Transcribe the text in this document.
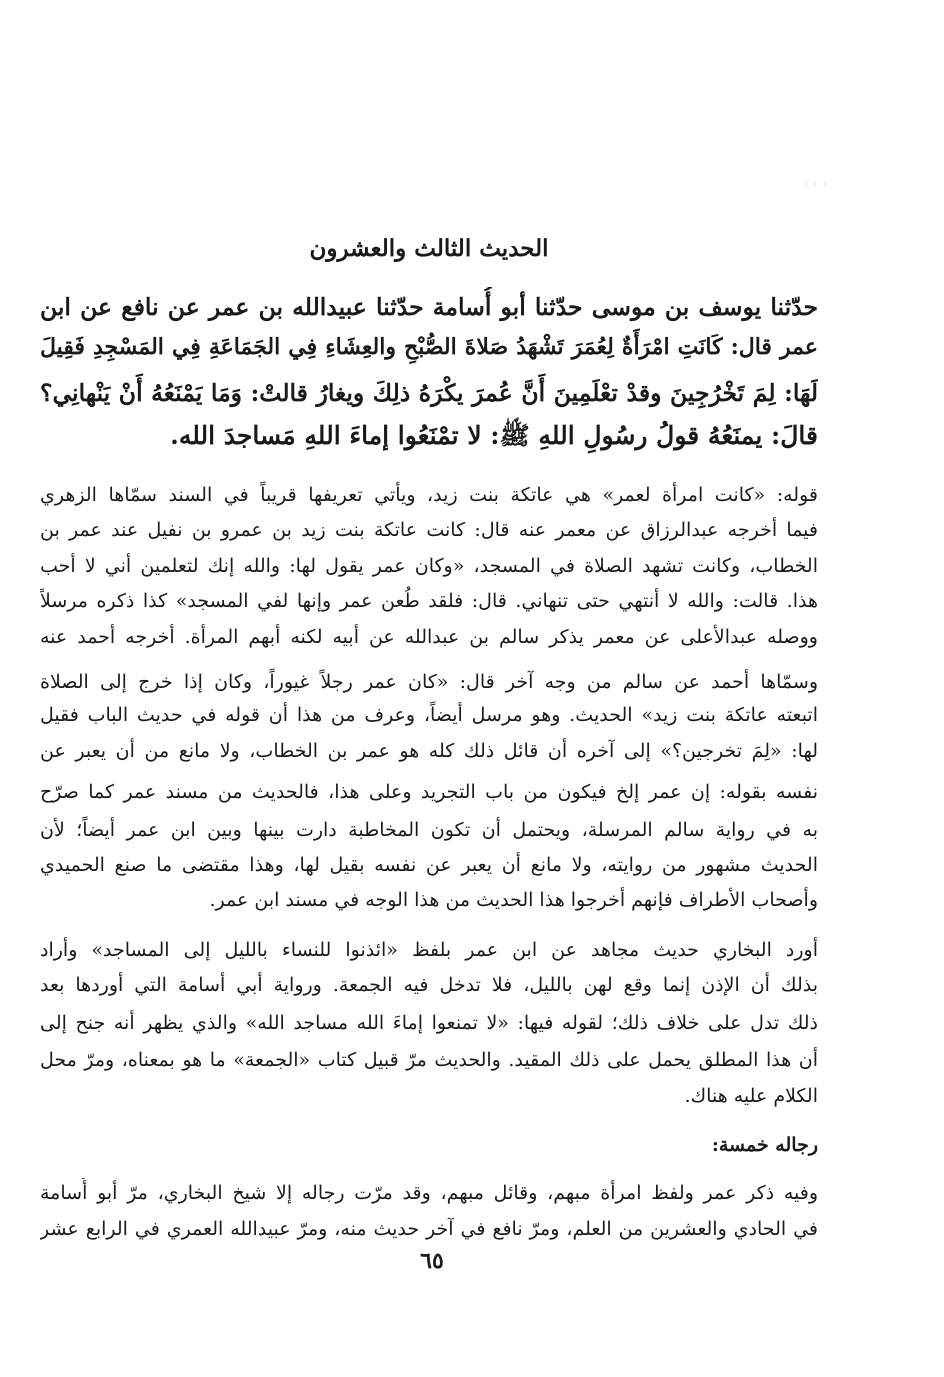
· · ·
الحديث الثالث والعشرون
حدّثنا يوسف بن موسى حدّثنا أبو أُسامة حدّثنا عبيدالله بن عمر عن نافع عن ابن
عمر قال: كَانَتِ امْرَأَةٌ لِعُمَرَ تَشْهَدُ صَلاةَ الصُّبْحِ والعِشَاءِ فِي الجَمَاعَةِ فِي المَسْجِدِ فَقِيلَ
لَهَا: لِمَ تَخْرُجِينَ وقدْ تعْلَمِينَ أَنَّ عُمرَ يكْرَهُ ذلِكَ ويغارُ قالتْ: وَمَا يَمْنَعُهُ أَنْ يَنْهانِي؟
قالَ: يمنَعُهُ قولُ رسُولِ اللهِ ﷺ: لا تمْنَعُوا إماءَ اللهِ مَساجدَ الله.
قوله: «كانت امرأة لعمر» هي عاتكة بنت زيد، ويأتي تعريفها قريباً في السند سمّاها الزهري
فيما أخرجه عبدالرزاق عن معمر عنه قال: كانت عاتكة بنت زيد بن عمرو بن نفيل عند عمر بن
الخطاب، وكانت تشهد الصلاة في المسجد، «وكان عمر يقول لها: والله إنك لتعلمين أني لا أحب
هذا. قالت: والله لا أنتهي حتى تنهاني. قال: فلقد طُعن عمر وإنها لفي المسجد» كذا ذكره مرسلاً
ووصله عبدالأعلى عن معمر يذكر سالم بن عبدالله عن أبيه لكنه أبهم المرأة. أخرجه أحمد عنه
وسمّاها أحمد عن سالم من وجه آخر قال: «كان عمر رجلاً غيوراً، وكان إذا خرج إلى الصلاة
اتبعته عاتكة بنت زيد» الحديث. وهو مرسل أيضاً، وعرف من هذا أن قوله في حديث الباب فقيل
لها: «لِمَ تخرجين؟» إلى آخره أن قائل ذلك كله هو عمر بن الخطاب، ولا مانع من أن يعبر عن
نفسه بقوله: إن عمر إلخ فيكون من باب التجريد وعلى هذا، فالحديث من مسند عمر كما صرّح
به في رواية سالم المرسلة، ويحتمل أن تكون المخاطبة دارت بينها وبين ابن عمر أيضاً؛ لأن
الحديث مشهور من روايته، ولا مانع أن يعبر عن نفسه بقيل لها، وهذا مقتضى ما صنع الحميدي
وأصحاب الأطراف فإنهم أخرجوا هذا الحديث من هذا الوجه في مسند ابن عمر.
أورد البخاري حديث مجاهد عن ابن عمر بلفظ «ائذنوا للنساء بالليل إلى المساجد» وأراد
بذلك أن الإذن إنما وقع لهن بالليل، فلا تدخل فيه الجمعة. ورواية أبي أسامة التي أوردها بعد
ذلك تدل على خلاف ذلك؛ لقوله فيها: «لا تمنعوا إماءَ الله مساجد الله» والذي يظهر أنه جنح إلى
أن هذا المطلق يحمل على ذلك المقيد. والحديث مرّ قبيل كتاب «الجمعة» ما هو بمعناه، ومرّ محل
الكلام عليه هناك.
رجاله خمسة:
وفيه ذكر عمر ولفظ امرأة مبهم، وقائل مبهم، وقد مرّت رجاله إلا شيخ البخاري، مرّ أبو أُسامة
في الحادي والعشرين من العلم، ومرّ نافع في آخر حديث منه، ومرّ عبيدالله العمري في الرابع عشر
٦٥
